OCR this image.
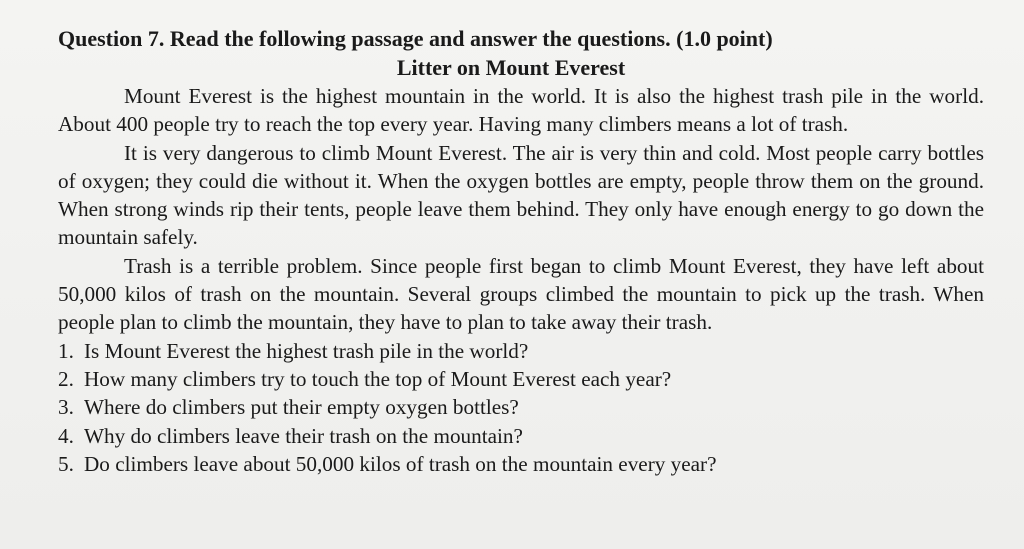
Question 7. Read the following passage and answer the questions. (1.0 point)

Litter on Mount Everest

Mount Everest is the highest mountain in the world. It is also the highest trash pile in the world. About 400 people try to reach the top every year. Having many climbers means a lot of trash.

It is very dangerous to climb Mount Everest. The air is very thin and cold. Most people carry bottles of oxygen; they could die without it. When the oxygen bottles are empty, people throw them on the ground. When strong winds rip their tents, people leave them behind. They only have enough energy to go down the mountain safely.

Trash is a terrible problem. Since people first began to climb Mount Everest, they have left about 50,000 kilos of trash on the mountain. Several groups climbed the mountain to pick up the trash. When people plan to climb the mountain, they have to plan to take away their trash.

1. Is Mount Everest the highest trash pile in the world?
2. How many climbers try to touch the top of Mount Everest each year?
3. Where do climbers put their empty oxygen bottles?
4. Why do climbers leave their trash on the mountain?
5. Do climbers leave about 50,000 kilos of trash on the mountain every year?
